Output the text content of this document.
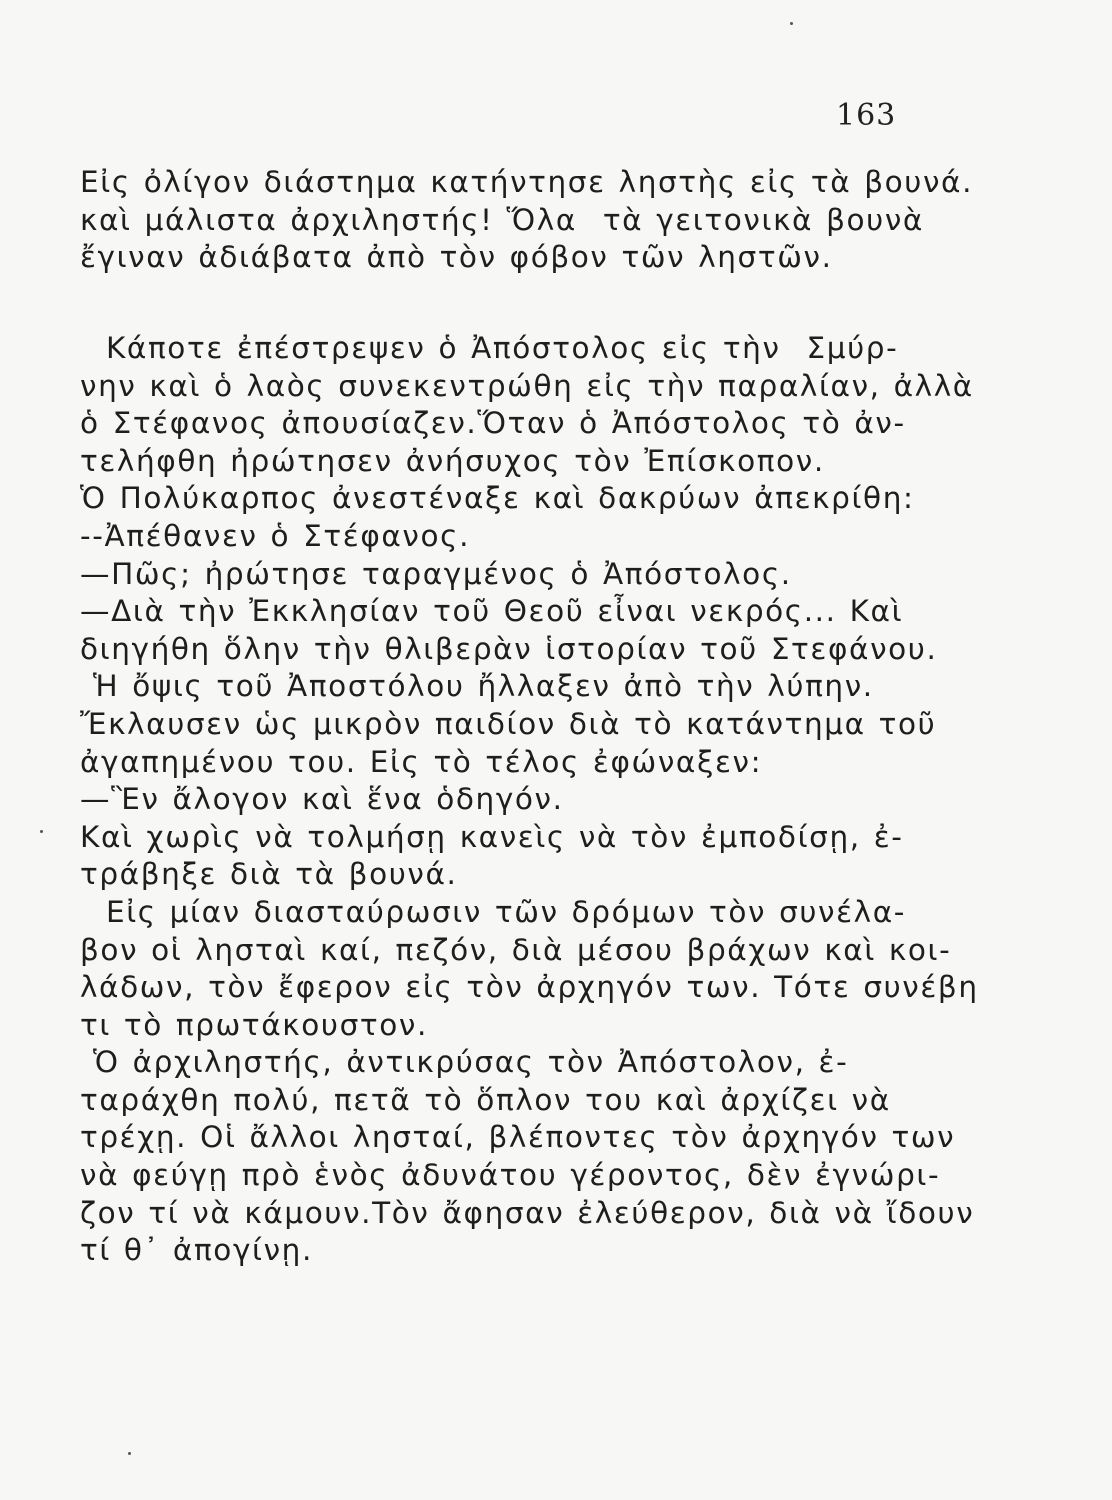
163
Εἰς ὀλίγον διάστημα κατήντησε ληστὴς εἰς τὰ βουνά.
καὶ μάλιστα ἀρχιληστής! Ὅλα  τὰ γειτονικὰ βουνὰ
ἔγιναν ἀδιάβατα ἀπὸ τὸν φόβον τῶν ληστῶν.
Κάποτε ἐπέστρεψεν ὁ Ἀπόστολος εἰς τὴν  Σμύρ-
νην καὶ ὁ λαὸς συνεκεντρώθη εἰς τὴν παραλίαν, ἀλλὰ
ὁ Στέφανος ἀπουσίαζεν.Ὅταν ὁ Ἀπόστολος τὸ ἀν-
τελήφθη ἠρώτησεν ἀνήσυχος τὸν Ἐπίσκοπον.
Ὁ Πολύκαρπος ἀνεστέναξε καὶ δακρύων ἀπεκρίθη:
--Ἀπέθανεν ὁ Στέφανος.
—Πῶς; ἠρώτησε ταραγμένος ὁ Ἀπόστολος.
—Διὰ τὴν Ἐκκλησίαν τοῦ Θεοῦ εἶναι νεκρός... Καὶ
διηγήθη ὅλην τὴν θλιβερὰν ἱστορίαν τοῦ Στεφάνου.
Ἡ ὄψις τοῦ Ἀποστόλου ἤλλαξεν ἀπὸ τὴν λύπην.
Ἔκλαυσεν ὡς μικρὸν παιδίον διὰ τὸ κατάντημα τοῦ
ἀγαπημένου του. Εἰς τὸ τέλος ἐφώναξεν:
—Ἓν ἄλογον καὶ ἕνα ὁδηγόν.
Καὶ χωρὶς νὰ τολμήσῃ κανεὶς νὰ τὸν ἐμποδίσῃ, ἐ-
τράβηξε διὰ τὰ βουνά.
Εἰς μίαν διασταύρωσιν τῶν δρόμων τὸν συνέλα-
βον οἱ λησταὶ καί, πεζόν, διὰ μέσου βράχων καὶ κοι-
λάδων, τὸν ἔφερον εἰς τὸν ἀρχηγόν των. Τότε συνέβη
τι τὸ πρωτάκουστον.
Ὁ ἀρχιληστής, ἀντικρύσας τὸν Ἀπόστολον, ἐ-
ταράχθη πολύ, πετᾶ τὸ ὅπλον του καὶ ἀρχίζει νὰ
τρέχῃ. Οἱ ἄλλοι λησταί, βλέποντες τὸν ἀρχηγόν των
νὰ φεύγῃ πρὸ ἑνὸς ἀδυνάτου γέροντος, δὲν ἐγνώρι-
ζον τί νὰ κάμουν.Τὸν ἄφησαν ἐλεύθερον, διὰ νὰ ἴδουν
τί θ᾽ ἀπογίνῃ.
